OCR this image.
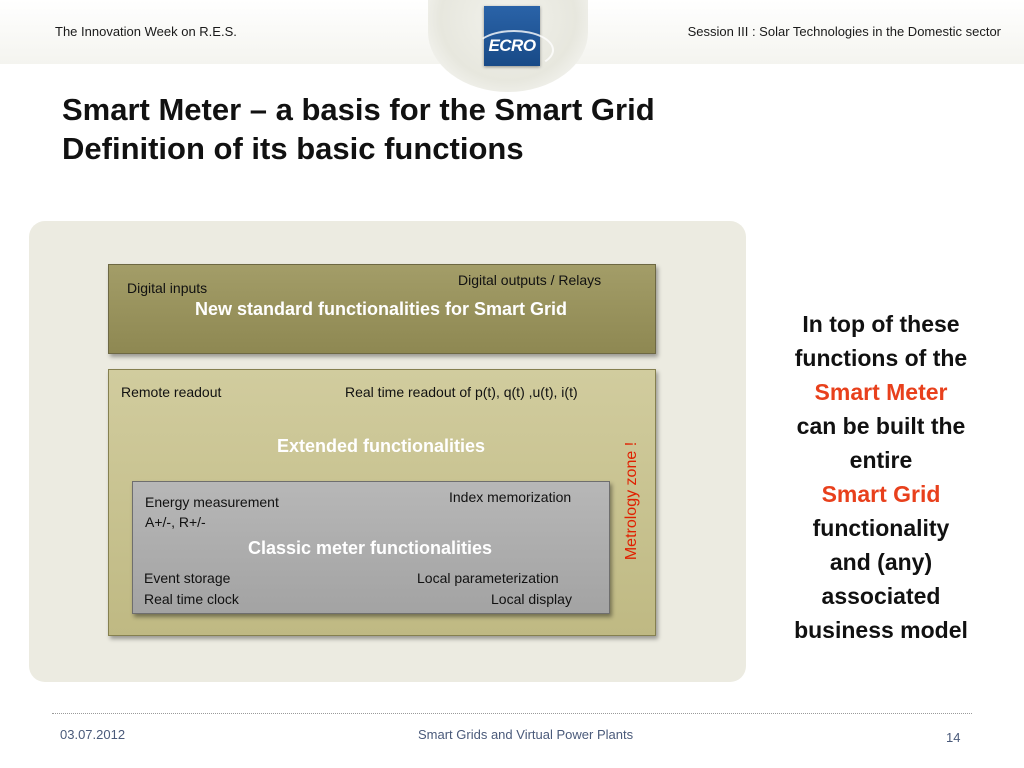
The Innovation Week on R.E.S.	Session III : Solar Technologies in the Domestic sector
ECRO
Smart Meter – a basis for the Smart Grid
Definition of its basic functions
Digital inputs	Digital outputs / Relays
New standard functionalities for Smart Grid
Remote readout	Real time readout of p(t), q(t) ,u(t), i(t)
Extended functionalities	Metrology zone !
Energy measurement
A+/-, R+/-
Index memorization
Classic meter functionalities
Event storage
Real time clock
Local parameterization
Local display
In top of these
functions of the
Smart Meter
can be built the
entire
Smart Grid
functionality
and (any)
associated
business model
03.07.2012	Smart Grids and Virtual Power Plants	14
